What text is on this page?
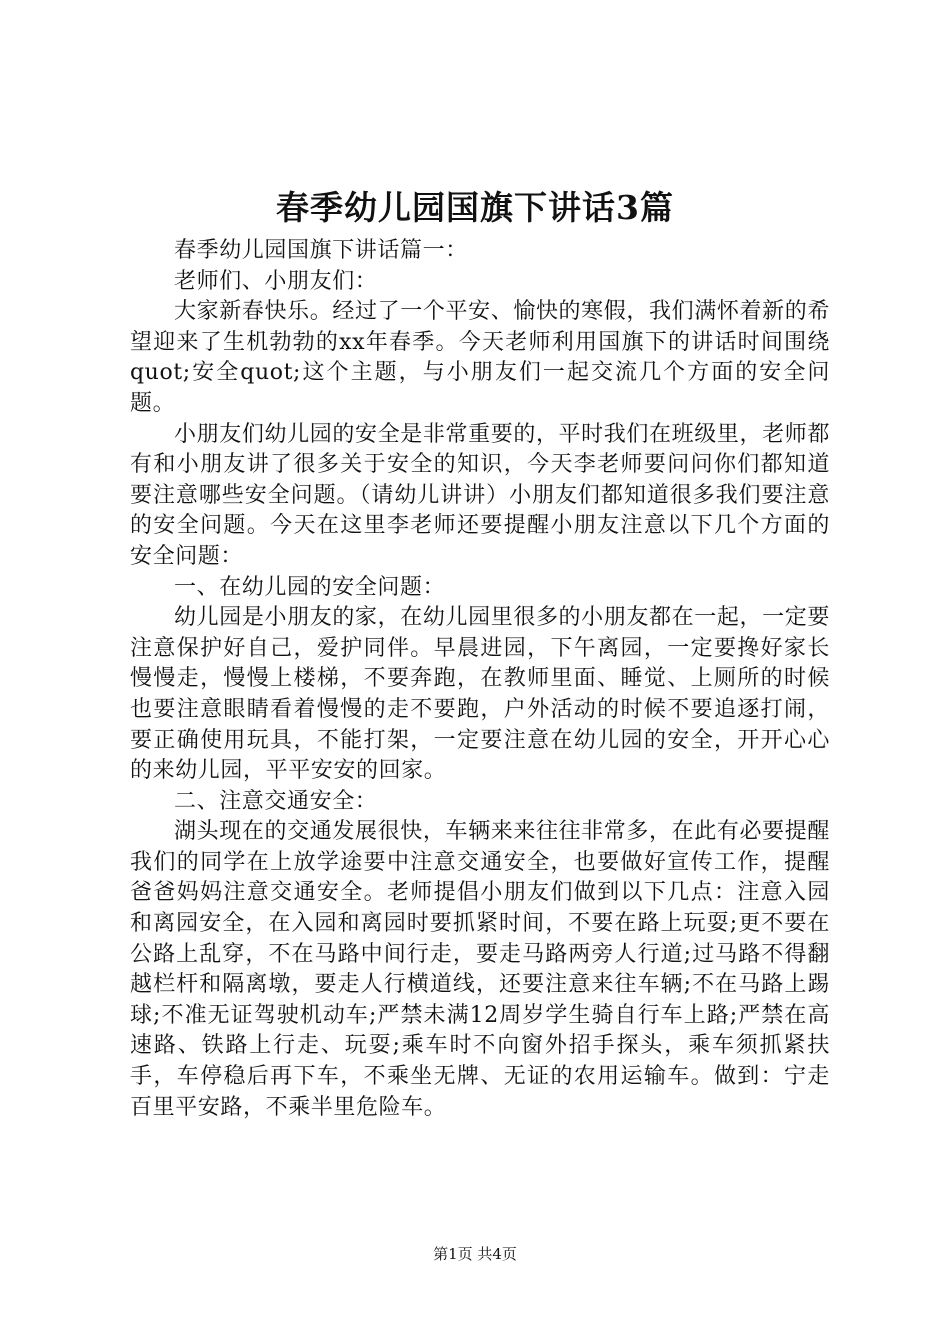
春季幼儿园国旗下讲话3篇

春季幼儿园国旗下讲话篇一：

老师们、小朋友们：

大家新春快乐。经过了一个平安、愉快的寒假，我们满怀着新的希望迎来了生机勃勃的xx年春季。今天老师利用国旗下的讲话时间围绕quot;安全quot;这个主题，与小朋友们一起交流几个方面的安全问题。

小朋友们幼儿园的安全是非常重要的，平时我们在班级里，老师都有和小朋友讲了很多关于安全的知识，今天李老师要问问你们都知道要注意哪些安全问题。（请幼儿讲讲）小朋友们都知道很多我们要注意的安全问题。今天在这里李老师还要提醒小朋友注意以下几个方面的安全问题：

一、在幼儿园的安全问题：

幼儿园是小朋友的家，在幼儿园里很多的小朋友都在一起，一定要注意保护好自己，爱护同伴。早晨进园，下午离园，一定要搀好家长慢慢走，慢慢上楼梯，不要奔跑，在教师里面、睡觉、上厕所的时候也要注意眼睛看着慢慢的走不要跑，户外活动的时候不要追逐打闹，要正确使用玩具，不能打架，一定要注意在幼儿园的安全，开开心心的来幼儿园，平平安安的回家。

二、注意交通安全：

湖头现在的交通发展很快，车辆来来往往非常多，在此有必要提醒我们的同学在上放学途要中注意交通安全，也要做好宣传工作，提醒爸爸妈妈注意交通安全。老师提倡小朋友们做到以下几点：注意入园和离园安全，在入园和离园时要抓紧时间，不要在路上玩耍;更不要在公路上乱穿，不在马路中间行走，要走马路两旁人行道;过马路不得翻越栏杆和隔离墩，要走人行横道线，还要注意来往车辆;不在马路上踢球;不准无证驾驶机动车;严禁未满12周岁学生骑自行车上路;严禁在高速路、铁路上行走、玩耍;乘车时不向窗外招手探头，乘车须抓紧扶手，车停稳后再下车，不乘坐无牌、无证的农用运输车。做到：宁走百里平安路，不乘半里危险车。

第1页 共4页
